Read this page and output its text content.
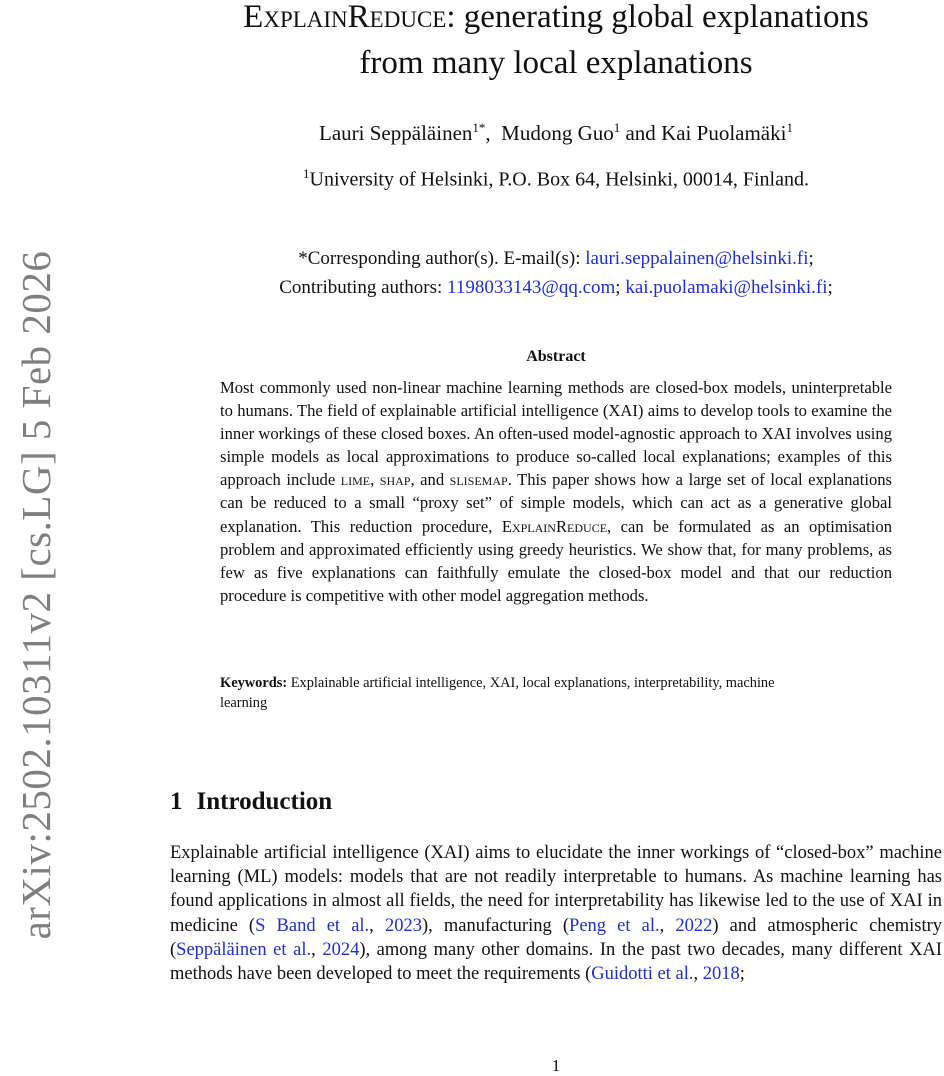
arXiv:2502.10311v2 [cs.LG] 5 Feb 2026
ExplainReduce: generating global explanations
from many local explanations
Lauri Seppäläinen$^{1*}$,  Mudong Guo$^1$ and Kai Puolamäki$^1$
$^1$University of Helsinki, P.O. Box 64, Helsinki, 00014, Finland.
*Corresponding author(s). E-mail(s): lauri.seppalainen@helsinki.fi;
Contributing authors: 1198033143@qq.com; kai.puolamaki@helsinki.fi;
Abstract
Most commonly used non-linear machine learning methods are closed-box models, uninterpretable to humans. The field of explainable artificial intelligence (XAI) aims to develop tools to examine the inner workings of these closed boxes. An often-used model-agnostic approach to XAI involves using simple models as local approximations to produce so-called local explanations; examples of this approach include lime, shap, and slisemap. This paper shows how a large set of local explanations can be reduced to a small “proxy set” of simple models, which can act as a generative global explanation. This reduction procedure, ExplainReduce, can be formulated as an optimisation problem and approximated efficiently using greedy heuristics. We show that, for many problems, as few as five explanations can faithfully emulate the closed-box model and that our reduction procedure is competitive with other model aggregation methods.
Keywords: Explainable artificial intelligence, XAI, local explanations, interpretability, machine learning
1 Introduction
Explainable artificial intelligence (XAI) aims to elucidate the inner workings of “closed-box” machine learning (ML) models: models that are not readily interpretable to humans. As machine learning has found applications in almost all fields, the need for interpretability has likewise led to the use of XAI in medicine (S Band et al., 2023), manufacturing (Peng et al., 2022) and atmospheric chemistry (Seppäläinen et al., 2024), among many other domains. In the past two decades, many different XAI methods have been developed to meet the requirements (Guidotti et al., 2018;
1
